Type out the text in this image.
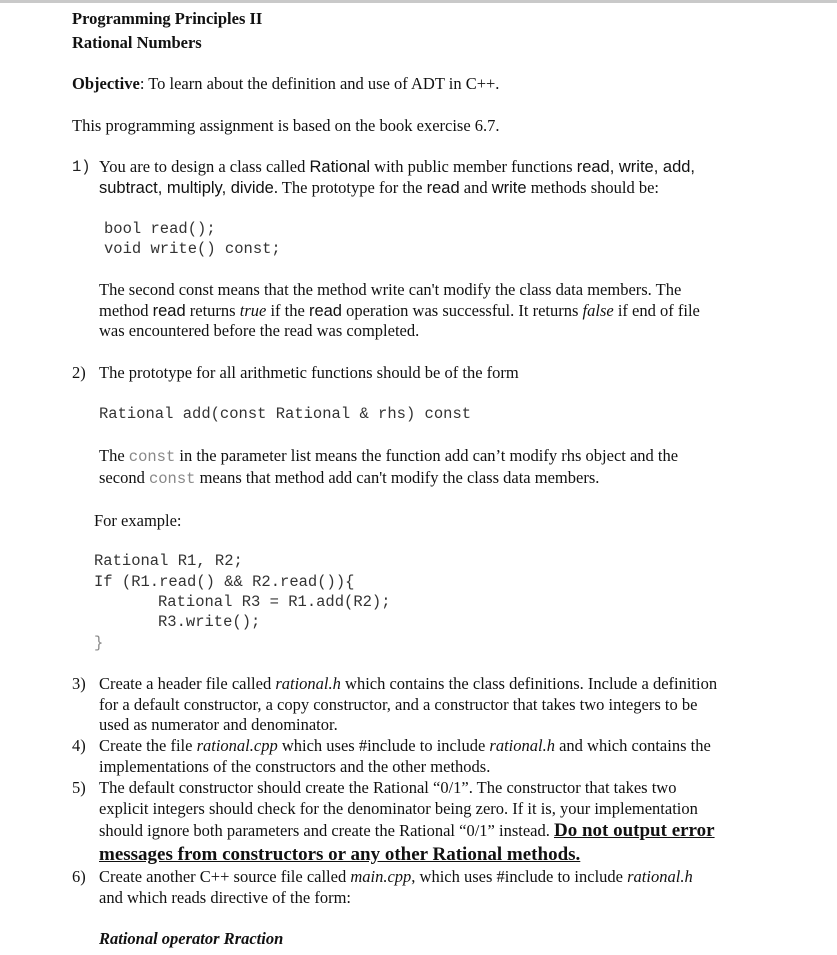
Programming Principles II
Rational Numbers
Objective: To learn about the definition and use of ADT in C++.
This programming assignment is based on the book exercise 6.7.
1) You are to design a class called Rational with public member functions read, write, add,
subtract, multiply, divide. The prototype for the read and write methods should be:
bool read();
void write() const;
The second const means that the method write can't modify the class data members. The
method read returns true if the read operation was successful. It returns false if end of file
was encountered before the read was completed.
2) The prototype for all arithmetic functions should be of the form
Rational add(const Rational & rhs) const
The const in the parameter list means the function add can’t modify rhs object and the
second const means that method add can't modify the class data members.
For example:
Rational R1, R2;
If (R1.read() && R2.read()){
Rational R3 = R1.add(R2);
R3.write();
}
3) Create a header file called rational.h which contains the class definitions. Include a definition
for a default constructor, a copy constructor, and a constructor that takes two integers to be
used as numerator and denominator.
4) Create the file rational.cpp which uses #include to include rational.h and which contains the
implementations of the constructors and the other methods.
5) The default constructor should create the Rational “0/1”. The constructor that takes two
explicit integers should check for the denominator being zero. If it is, your implementation
should ignore both parameters and create the Rational “0/1” instead. Do not output error
messages from constructors or any other Rational methods.
6) Create another C++ source file called main.cpp, which uses #include to include rational.h
and which reads directive of the form:
Rational operator Rraction
